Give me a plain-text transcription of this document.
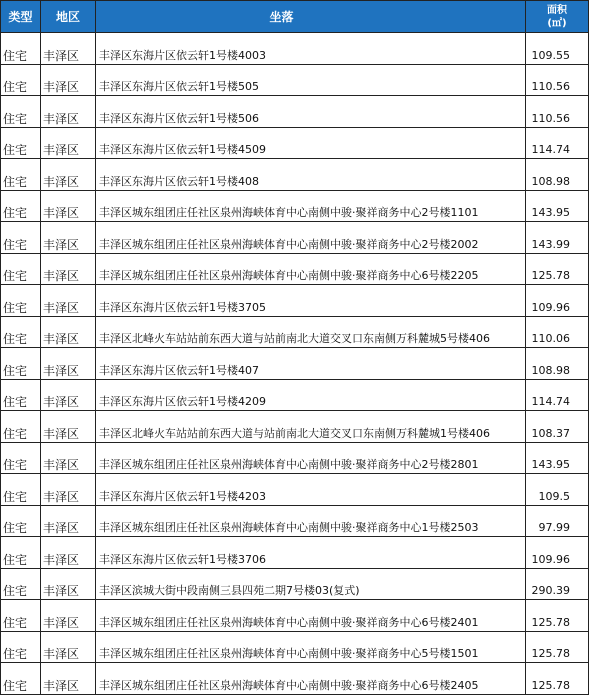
类型	地区	坐落	面积
(㎡)

住宅	丰泽区	丰泽区东海片区依云轩1号楼4003	109.55
住宅	丰泽区	丰泽区东海片区依云轩1号楼505	110.56
住宅	丰泽区	丰泽区东海片区依云轩1号楼506	110.56
住宅	丰泽区	丰泽区东海片区依云轩1号楼4509	114.74
住宅	丰泽区	丰泽区东海片区依云轩1号楼408	108.98
住宅	丰泽区	丰泽区城东组团庄任社区泉州海峡体育中心南侧中骏·聚祥商务中心2号楼1101	143.95
住宅	丰泽区	丰泽区城东组团庄任社区泉州海峡体育中心南侧中骏·聚祥商务中心2号楼2002	143.99
住宅	丰泽区	丰泽区城东组团庄任社区泉州海峡体育中心南侧中骏·聚祥商务中心6号楼2205	125.78
住宅	丰泽区	丰泽区东海片区依云轩1号楼3705	109.96
住宅	丰泽区	丰泽区北峰火车站站前东西大道与站前南北大道交叉口东南侧万科麓城5号楼406	110.06
住宅	丰泽区	丰泽区东海片区依云轩1号楼407	108.98
住宅	丰泽区	丰泽区东海片区依云轩1号楼4209	114.74
住宅	丰泽区	丰泽区北峰火车站站前东西大道与站前南北大道交叉口东南侧万科麓城1号楼406	108.37
住宅	丰泽区	丰泽区城东组团庄任社区泉州海峡体育中心南侧中骏·聚祥商务中心2号楼2801	143.95
住宅	丰泽区	丰泽区东海片区依云轩1号楼4203	109.5
住宅	丰泽区	丰泽区城东组团庄任社区泉州海峡体育中心南侧中骏·聚祥商务中心1号楼2503	97.99
住宅	丰泽区	丰泽区东海片区依云轩1号楼3706	109.96
住宅	丰泽区	丰泽区滨城大街中段南侧三县四苑二期7号楼03(复式)	290.39
住宅	丰泽区	丰泽区城东组团庄任社区泉州海峡体育中心南侧中骏·聚祥商务中心6号楼2401	125.78
住宅	丰泽区	丰泽区城东组团庄任社区泉州海峡体育中心南侧中骏·聚祥商务中心5号楼1501	125.78
住宅	丰泽区	丰泽区城东组团庄任社区泉州海峡体育中心南侧中骏·聚祥商务中心6号楼2405	125.78
